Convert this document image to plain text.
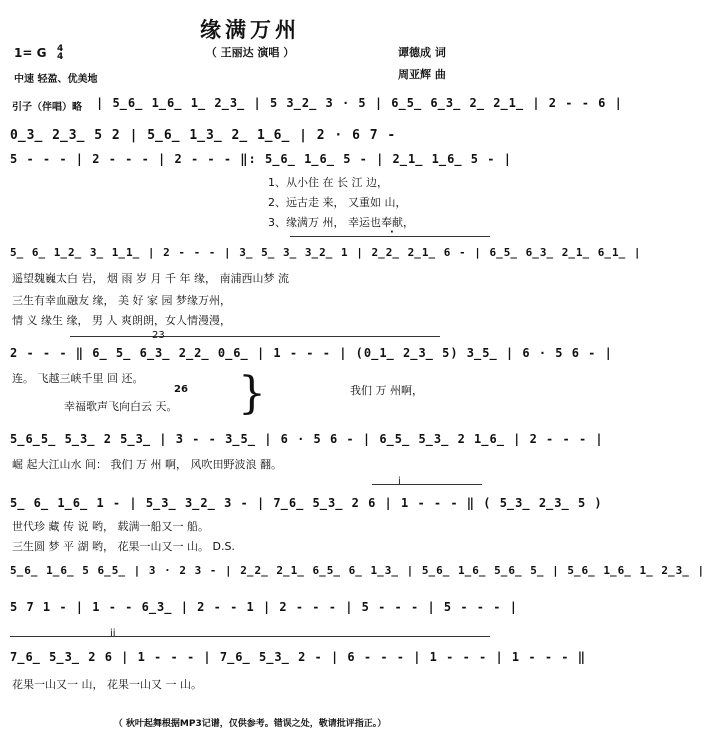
缘满万州
（ 王丽达 演唱 ）
1= G 4
4
中速 轻盈、优美地
谭德成 词
周亚辉 曲
引子（伴唱）略 | 5̲6̲ 1̲6̲ 1̲ 2̲3̲ | 5 3̲2̲ 3 · 5 | 6̲5̲ 6̲3̲ 2̲ 2̲1̲ | 2 - - 6 |
0̲3̲ 2̲3̲ 5 2 | 5̲6̲ 1̲3̲ 2̲ 1̲6̲ | 2 · 6 7 -
5 - - - | 2 - - - | 2 - - - ‖: 5̲6̲ 1̲6̲ 5 - | 2̲1̲ 1̲6̲ 5 - |
1、从小住 在 长 江 边，
2、远古走 来， 又重如 山，
3、缘满万 州， 幸运也奉献，
·
5̲ 6̲ 1̲2̲ 3̲ 1̲1̲ | 2 - - - | 3̲ 5̲ 3̲ 3̲2̲ 1 | 2̲2̲ 2̲1̲ 6 - | 6̲5̲ 6̲3̲ 2̲1̲ 6̲1̲ |
遥望魏巍太白 岩， 烟 雨 岁 月 千 年 缘， 南浦西山梦 流
三生有幸血融友 缘， 美 好 家 园 梦缘万州，
情 义 缘生 缘， 男 人 爽朗朗，女人情漫漫，
23
2 - - - ‖ 6̲ 5̲ 6̲3̲ 2̲2̲ 0̲6̲ | 1 - - - | (0̲1̲ 2̲3̲ 5) 3̲5̲ | 6 · 5 6 - |
连。 飞越三峡千里 回 还。
26
幸福歌声飞向白云 天。 }	我们 万 州啊，
5̲6̲5̲ 5̲3̲ 2 5̲3̲ | 3 - - 3̲5̲ | 6 · 5 6 - | 6̲5̲ 5̲3̲ 2 1̲6̲ | 2 - - - |
崛 起大江山水 间： 我们 万 州 啊， 风吹田野波浪 翻。
i
5̲ 6̲ 1̲6̲ 1 - | 5̲3̲ 3̲2̲ 3 - | 7̲6̲ 5̲3̲ 2 6 | 1 - - - ‖ ( 5̲3̲ 2̲3̲ 5 )
世代珍 藏 传 说 哟， 载满一船又一 船。
三生圆 梦 平 湖 哟， 花果一山又一 山。 D.S.
5̲6̲ 1̲6̲ 5 6̲5̲ | 3 · 2 3 - | 2̲2̲ 2̲1̲ 6̲5̲ 6̲ 1̲3̲ | 5̲6̲ 1̲6̲ 5̲6̲ 5̲ | 5̲6̲ 1̲6̲ 1̲ 2̲3̲ |
5 7 1 - | 1 - - 6̲3̲ | 2 - - 1 | 2 - - - | 5 - - - | 5 - - - |
ii
7̲6̲ 5̲3̲ 2 6 | 1 - - - | 7̲6̲ 5̲3̲ 2 - | 6 - - - | 1 - - - | 1 - - - ‖
花果一山又一 山， 花果一山又 一 山。
（ 秋叶起舞根据MP3记谱，仅供参考。错误之处，敬请批评指正。）
